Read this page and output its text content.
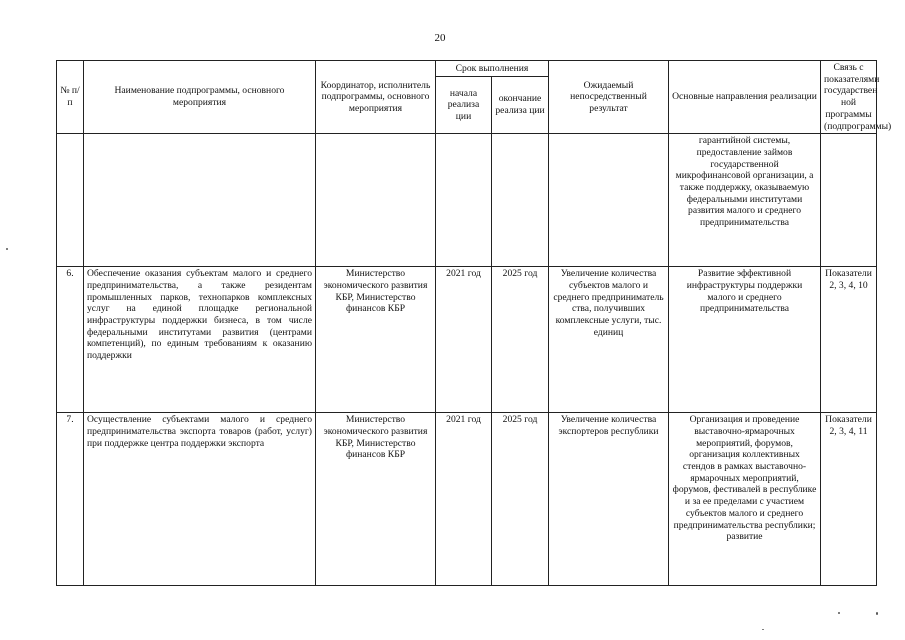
20
№ п/п	Наименование подпрограммы, основного мероприятия	Координатор, исполнитель подпрограммы, основного мероприятия	Срок выполнения		Ожидаемый непосредственный результат	Основные направления реализации	Связь с показателями государствен ной программы (подпрограммы)
			начала реализа ции	окончание реализа ции			
						гарантийной системы, предоставление займов государственной микрофинансовой организации, а также поддержку, оказываемую федеральными институтами развития малого и среднего предпринимательства	
6.	Обеспечение оказания субъектам малого и среднего предпринимательства, а также резидентам промышленных парков, технопарков комплексных услуг на единой площадке региональной инфраструктуры поддержки бизнеса, в том числе федеральными институтами развития (центрами компетенций), по единым требованиям к оказанию поддержки	Министерство экономического развития КБР, Министерство финансов КБР	2021 год	2025 год	Увеличение количества субъектов малого и среднего предприниматель ства, получивших комплексные услуги, тыс. единиц	Развитие эффективной инфраструктуры поддержки малого и среднего предпринимательства	Показатели 2, 3, 4, 10
7.	Осуществление субъектами малого и среднего предпринимательства экспорта товаров (работ, услуг) при поддержке центра поддержки экспорта	Министерство экономического развития КБР, Министерство финансов КБР	2021 год	2025 год	Увеличение количества экспортеров республики	Организация и проведение выставочно-ярмарочных мероприятий, форумов, организация коллективных стендов в рамках выставочно-ярмарочных мероприятий, форумов, фестивалей в республике и за ее пределами с участием субъектов малого и среднего предпринимательства республики; развитие	Показатели 2, 3, 4, 11
